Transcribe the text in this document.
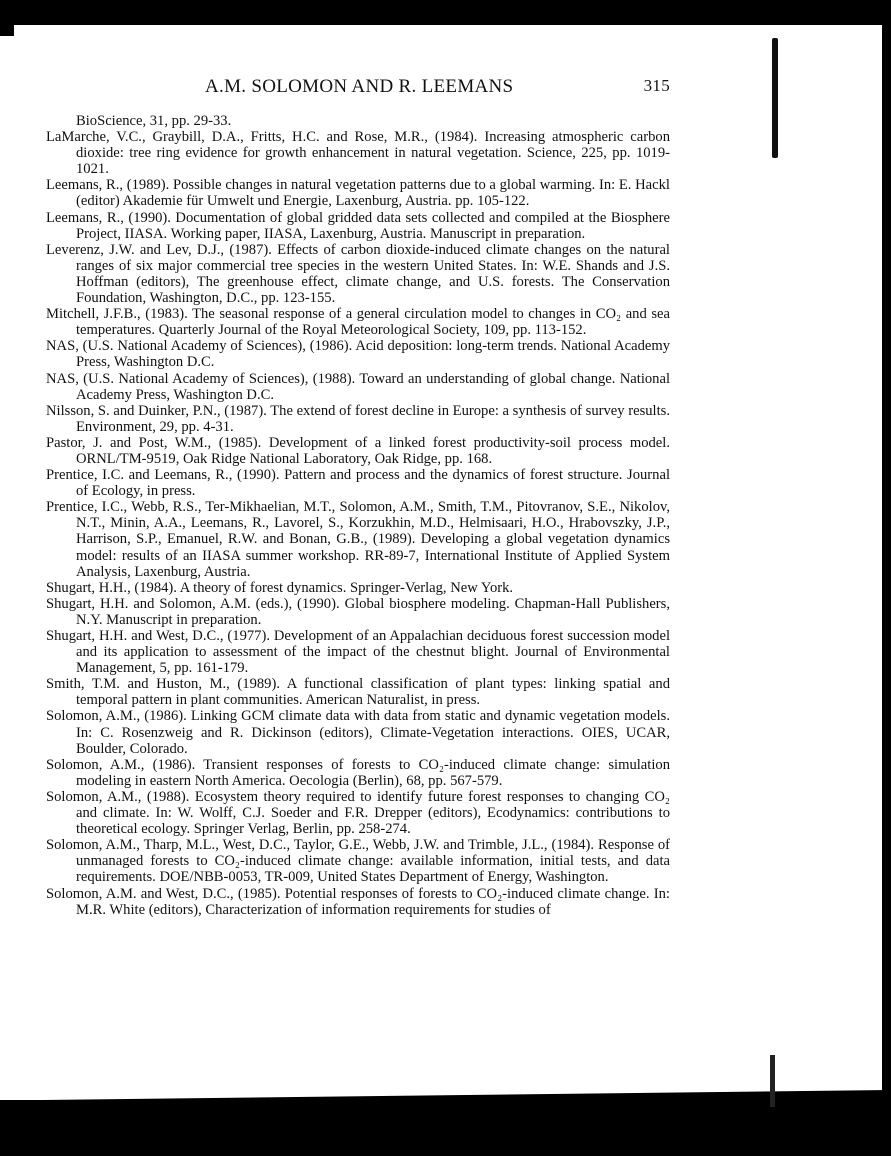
A.M. SOLOMON AND R. LEEMANS	315

BioScience, 31, pp. 29-33.

LaMarche, V.C., Graybill, D.A., Fritts, H.C. and Rose, M.R., (1984). Increasing atmospheric carbon dioxide: tree ring evidence for growth enhancement in natural vegetation. Science, 225, pp. 1019-1021.

Leemans, R., (1989). Possible changes in natural vegetation patterns due to a global warming. In: E. Hackl (editor) Akademie für Umwelt und Energie, Laxenburg, Austria. pp. 105-122.

Leemans, R., (1990). Documentation of global gridded data sets collected and compiled at the Biosphere Project, IIASA. Working paper, IIASA, Laxenburg, Austria. Manuscript in preparation.

Leverenz, J.W. and Lev, D.J., (1987). Effects of carbon dioxide-induced climate changes on the natural ranges of six major commercial tree species in the western United States. In: W.E. Shands and J.S. Hoffman (editors), The greenhouse effect, climate change, and U.S. forests. The Conservation Foundation, Washington, D.C., pp. 123-155.

Mitchell, J.F.B., (1983). The seasonal response of a general circulation model to changes in CO₂ and sea temperatures. Quarterly Journal of the Royal Meteorological Society, 109, pp. 113-152.

NAS, (U.S. National Academy of Sciences), (1986). Acid deposition: long-term trends. National Academy Press, Washington D.C.

NAS, (U.S. National Academy of Sciences), (1988). Toward an understanding of global change. National Academy Press, Washington D.C.

Nilsson, S. and Duinker, P.N., (1987). The extend of forest decline in Europe: a synthesis of survey results. Environment, 29, pp. 4-31.

Pastor, J. and Post, W.M., (1985). Development of a linked forest productivity-soil process model. ORNL/TM-9519, Oak Ridge National Laboratory, Oak Ridge, pp. 168.

Prentice, I.C. and Leemans, R., (1990). Pattern and process and the dynamics of forest structure. Journal of Ecology, in press.

Prentice, I.C., Webb, R.S., Ter-Mikhaelian, M.T., Solomon, A.M., Smith, T.M., Pitovranov, S.E., Nikolov, N.T., Minin, A.A., Leemans, R., Lavorel, S., Korzukhin, M.D., Helmisaari, H.O., Hrabovszky, J.P., Harrison, S.P., Emanuel, R.W. and Bonan, G.B., (1989). Developing a global vegetation dynamics model: results of an IIASA summer workshop. RR-89-7, International Institute of Applied System Analysis, Laxenburg, Austria.

Shugart, H.H., (1984). A theory of forest dynamics. Springer-Verlag, New York.

Shugart, H.H. and Solomon, A.M. (eds.), (1990). Global biosphere modeling. Chapman-Hall Publishers, N.Y. Manuscript in preparation.

Shugart, H.H. and West, D.C., (1977). Development of an Appalachian deciduous forest succession model and its application to assessment of the impact of the chestnut blight. Journal of Environmental Management, 5, pp. 161-179.

Smith, T.M. and Huston, M., (1989). A functional classification of plant types: linking spatial and temporal pattern in plant communities. American Naturalist, in press.

Solomon, A.M., (1986). Linking GCM climate data with data from static and dynamic vegetation models. In: C. Rosenzweig and R. Dickinson (editors), Climate-Vegetation interactions. OIES, UCAR, Boulder, Colorado.

Solomon, A.M., (1986). Transient responses of forests to CO₂-induced climate change: simulation modeling in eastern North America. Oecologia (Berlin), 68, pp. 567-579.

Solomon, A.M., (1988). Ecosystem theory required to identify future forest responses to changing CO₂ and climate. In: W. Wolff, C.J. Soeder and F.R. Drepper (editors), Ecodynamics: contributions to theoretical ecology. Springer Verlag, Berlin, pp. 258-274.

Solomon, A.M., Tharp, M.L., West, D.C., Taylor, G.E., Webb, J.W. and Trimble, J.L., (1984). Response of unmanaged forests to CO₂-induced climate change: available information, initial tests, and data requirements. DOE/NBB-0053, TR-009, United States Department of Energy, Washington.

Solomon, A.M. and West, D.C., (1985). Potential responses of forests to CO₂-induced climate change. In: M.R. White (editors), Characterization of information requirements for studies of
